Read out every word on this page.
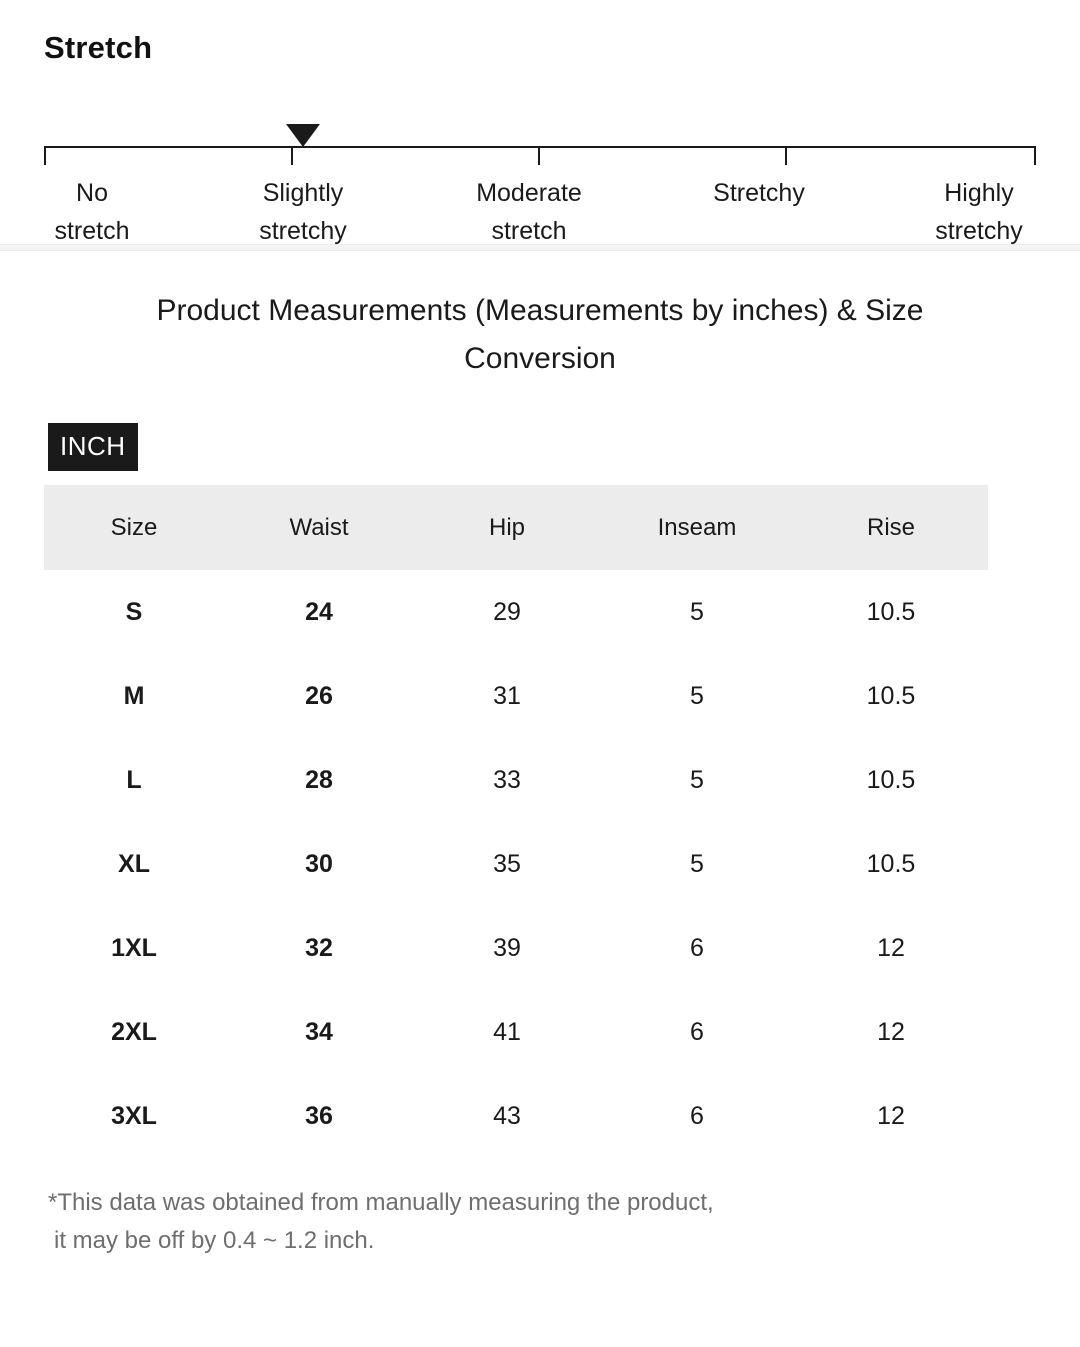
Stretch
No
stretch
Slightly
stretchy
Moderate
stretch
Stretchy	Highly
stretchy
Product Measurements (Measurements by inches) & Size Conversion
INCH
Size	Waist	Hip	Inseam	Rise
S	24	29	5	10.5
M	26	31	5	10.5
L	28	33	5	10.5
XL	30	35	5	10.5
1XL	32	39	6	12
2XL	34	41	6	12
3XL	36	43	6	12

*This data was obtained from manually measuring the product,
it may be off by 0.4 ~ 1.2 inch.
